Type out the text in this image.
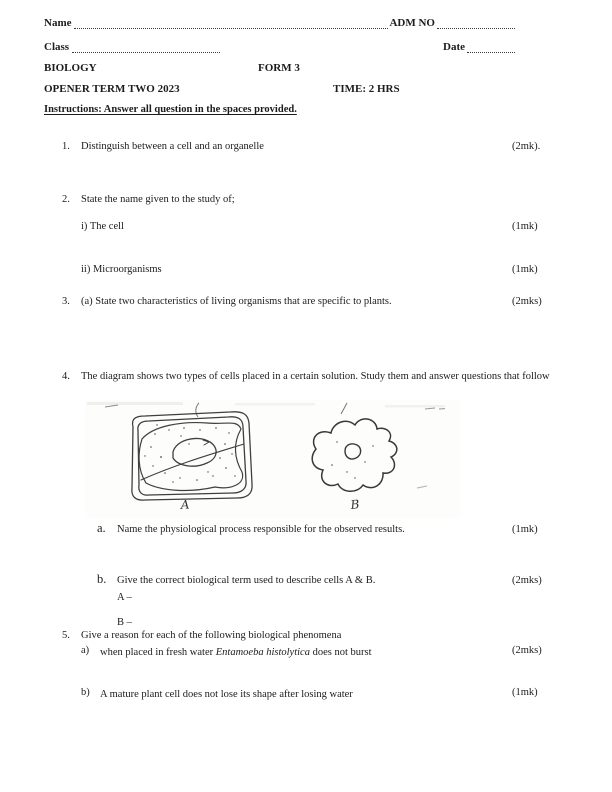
Name	ADM NO
Class	Date
BIOLOGY	FORM 3
OPENER TERM TWO 2023	TIME: 2 HRS
Instructions: Answer all question in the spaces provided.
1. Distinguish between a cell and an organelle	(2mk).
2. State the name given to the study of;
i) The cell	(1mk)
ii) Microorganisms	(1mk)
3. (a) State two characteristics of living organisms that are specific to plants.	(2mks)
4. The diagram shows two types of cells placed in a certain solution. Study them and answer questions that follow
A	B
a. Name the physiological process responsible for the observed results.	(1mk)
b. Give the correct biological term used to describe cells A & B.	(2mks)
A –
B –
5. Give a reason for each of the following biological phenomena
a) when placed in fresh water Entamoeba histolytica does not burst	(2mks)
b) A mature plant cell does not lose its shape after losing water	(1mk)
